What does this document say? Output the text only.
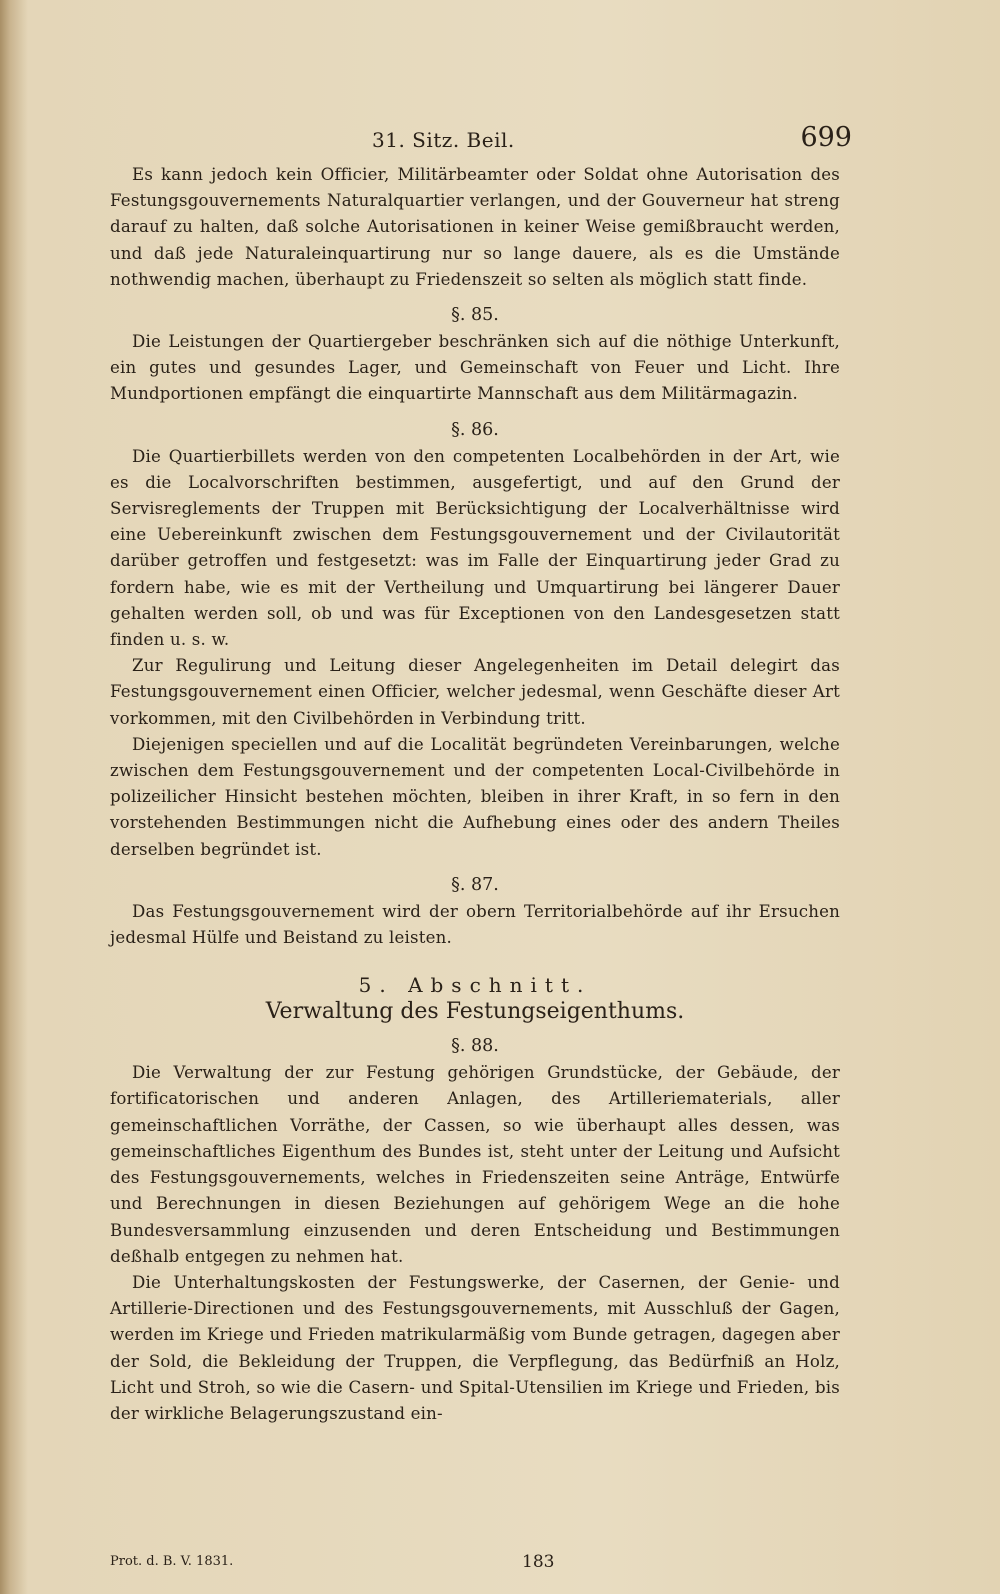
31. Sitz. Beil.	699

Es kann jedoch kein Officier, Militärbeamter oder Soldat ohne Autorisation des Festungsgouvernements Naturalquartier verlangen, und der Gouverneur hat streng darauf zu halten, daß solche Autorisationen in keiner Weise gemißbraucht werden, und daß jede Naturaleinquartirung nur so lange dauere, als es die Umstände nothwendig machen, überhaupt zu Friedenszeit so selten als möglich statt finde.

§. 85.

Die Leistungen der Quartiergeber beschränken sich auf die nöthige Unterkunft, ein gutes und gesundes Lager, und Gemeinschaft von Feuer und Licht. Ihre Mundportionen empfängt die einquartirte Mannschaft aus dem Militärmagazin.

§. 86.

Die Quartierbillets werden von den competenten Localbehörden in der Art, wie es die Localvorschriften bestimmen, ausgefertigt, und auf den Grund der Servisreglements der Truppen mit Berücksichtigung der Localverhältnisse wird eine Uebereinkunft zwischen dem Festungsgouvernement und der Civilautorität darüber getroffen und festgesetzt: was im Falle der Einquartirung jeder Grad zu fordern habe, wie es mit der Vertheilung und Umquartirung bei längerer Dauer gehalten werden soll, ob und was für Exceptionen von den Landesgesetzen statt finden u. s. w.

Zur Regulirung und Leitung dieser Angelegenheiten im Detail delegirt das Festungsgouvernement einen Officier, welcher jedesmal, wenn Geschäfte dieser Art vorkommen, mit den Civilbehörden in Verbindung tritt.

Diejenigen speciellen und auf die Localität begründeten Vereinbarungen, welche zwischen dem Festungsgouvernement und der competenten Local-Civilbehörde in polizeilicher Hinsicht bestehen möchten, bleiben in ihrer Kraft, in so fern in den vorstehenden Bestimmungen nicht die Aufhebung eines oder des andern Theiles derselben begründet ist.

§. 87.

Das Festungsgouvernement wird der obern Territorialbehörde auf ihr Ersuchen jedesmal Hülfe und Beistand zu leisten.

5. Abschnitt.
Verwaltung des Festungseigenthums.
§. 88.

Die Verwaltung der zur Festung gehörigen Grundstücke, der Gebäude, der fortificatorischen und anderen Anlagen, des Artilleriematerials, aller gemeinschaftlichen Vorräthe, der Cassen, so wie überhaupt alles dessen, was gemeinschaftliches Eigenthum des Bundes ist, steht unter der Leitung und Aufsicht des Festungsgouvernements, welches in Friedenszeiten seine Anträge, Entwürfe und Berechnungen in diesen Beziehungen auf gehörigem Wege an die hohe Bundesversammlung einzusenden und deren Entscheidung und Bestimmungen deßhalb entgegen zu nehmen hat.

Die Unterhaltungskosten der Festungswerke, der Casernen, der Genie- und Artillerie-Directionen und des Festungsgouvernements, mit Ausschluß der Gagen, werden im Kriege und Frieden matrikularmäßig vom Bunde getragen, dagegen aber der Sold, die Bekleidung der Truppen, die Verpflegung, das Bedürfniß an Holz, Licht und Stroh, so wie die Casern- und Spital-Utensilien im Kriege und Frieden, bis der wirkliche Belagerungszustand ein-

Prot. d. B. V. 1831.	183
